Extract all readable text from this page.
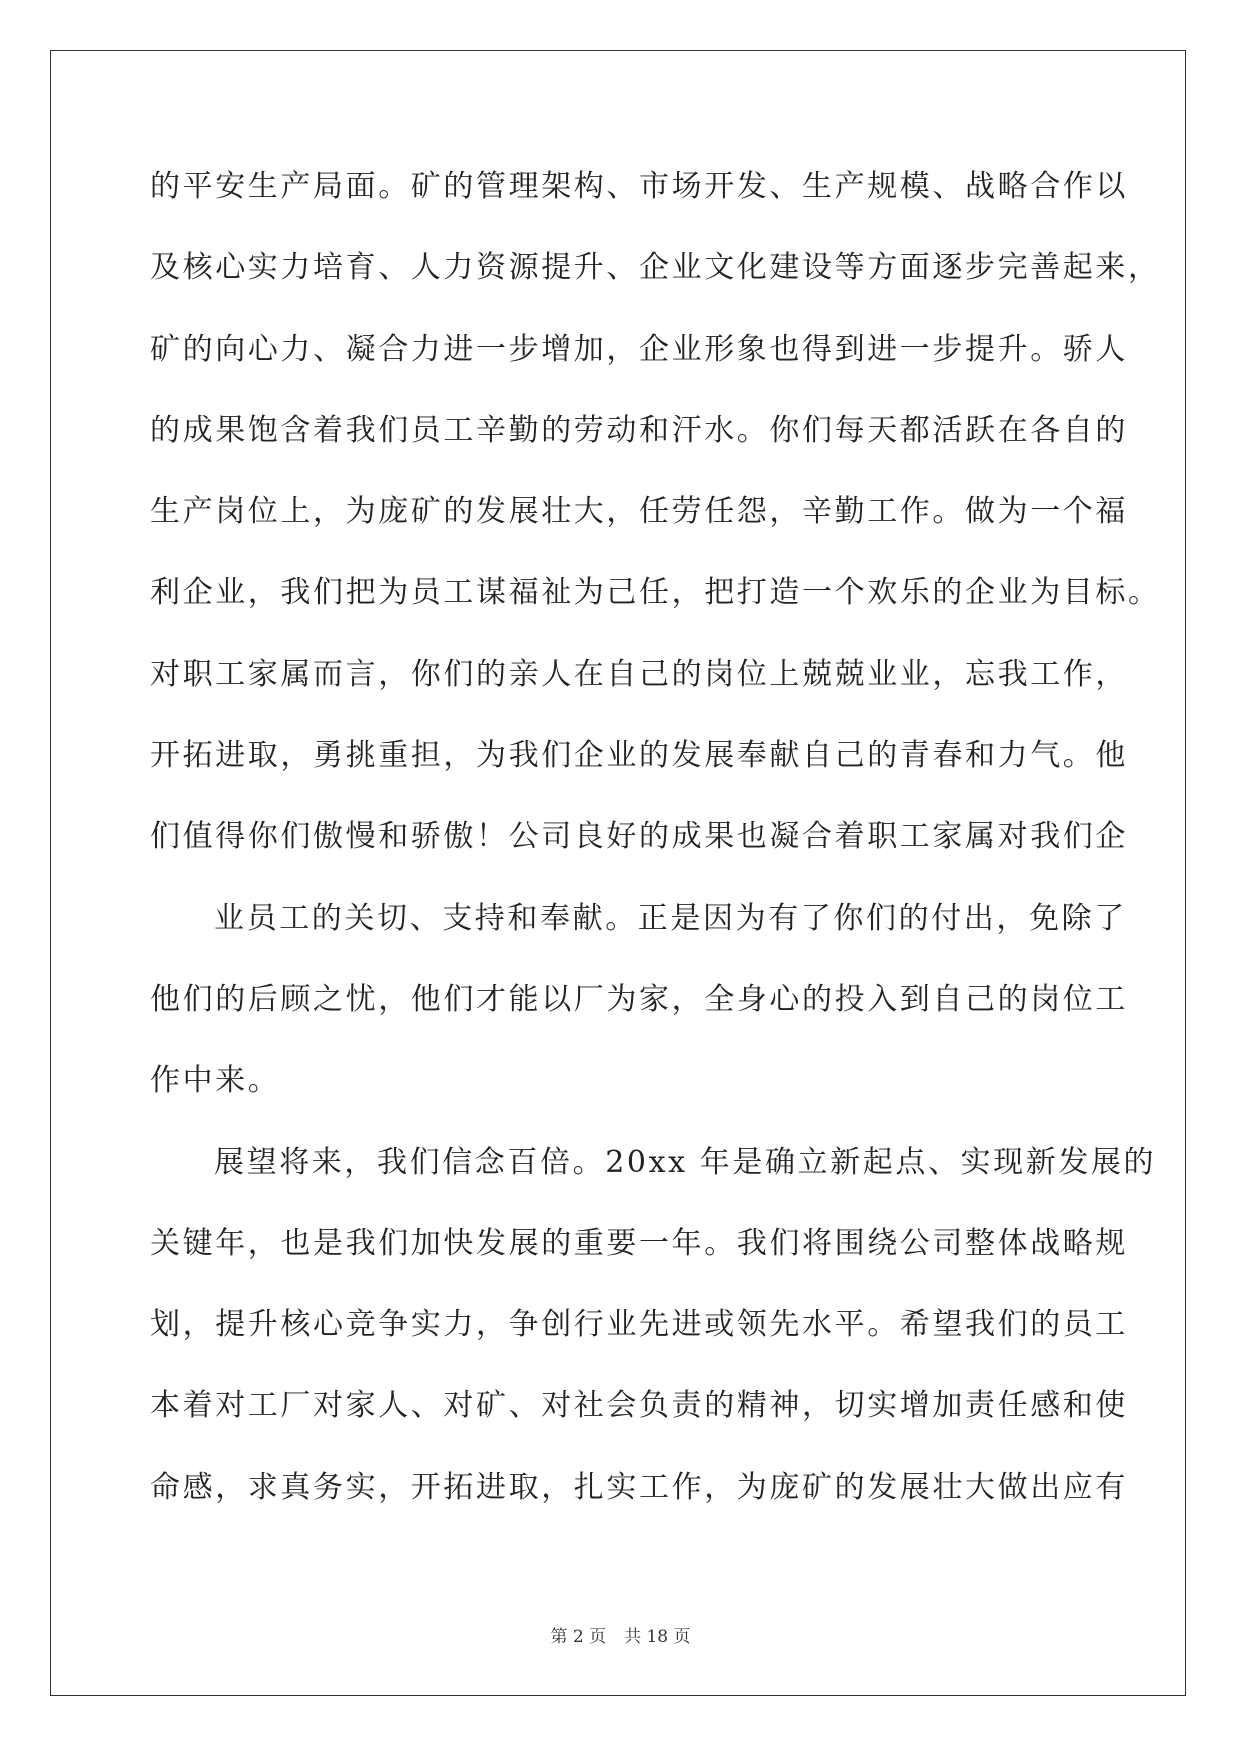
的平安生产局面。矿的管理架构、市场开发、生产规模、战略合作以
及核心实力培育、人力资源提升、企业文化建设等方面逐步完善起来，
矿的向心力、凝合力进一步增加，企业形象也得到进一步提升。骄人
的成果饱含着我们员工辛勤的劳动和汗水。你们每天都活跃在各自的
生产岗位上，为庞矿的发展壮大，任劳任怨，辛勤工作。做为一个福
利企业，我们把为员工谋福祉为己任，把打造一个欢乐的企业为目标。
对职工家属而言，你们的亲人在自己的岗位上兢兢业业，忘我工作，
开拓进取，勇挑重担，为我们企业的发展奉献自己的青春和力气。他
们值得你们傲慢和骄傲！公司良好的成果也凝合着职工家属对我们企
业员工的关切、支持和奉献。正是因为有了你们的付出，免除了
他们的后顾之忧，他们才能以厂为家，全身心的投入到自己的岗位工
作中来。
展望将来，我们信念百倍。20xx 年是确立新起点、实现新发展的
关键年，也是我们加快发展的重要一年。我们将围绕公司整体战略规
划，提升核心竞争实力，争创行业先进或领先水平。希望我们的员工
本着对工厂对家人、对矿、对社会负责的精神，切实增加责任感和使
命感，求真务实，开拓进取，扎实工作，为庞矿的发展壮大做出应有
第 2 页 共 18 页
